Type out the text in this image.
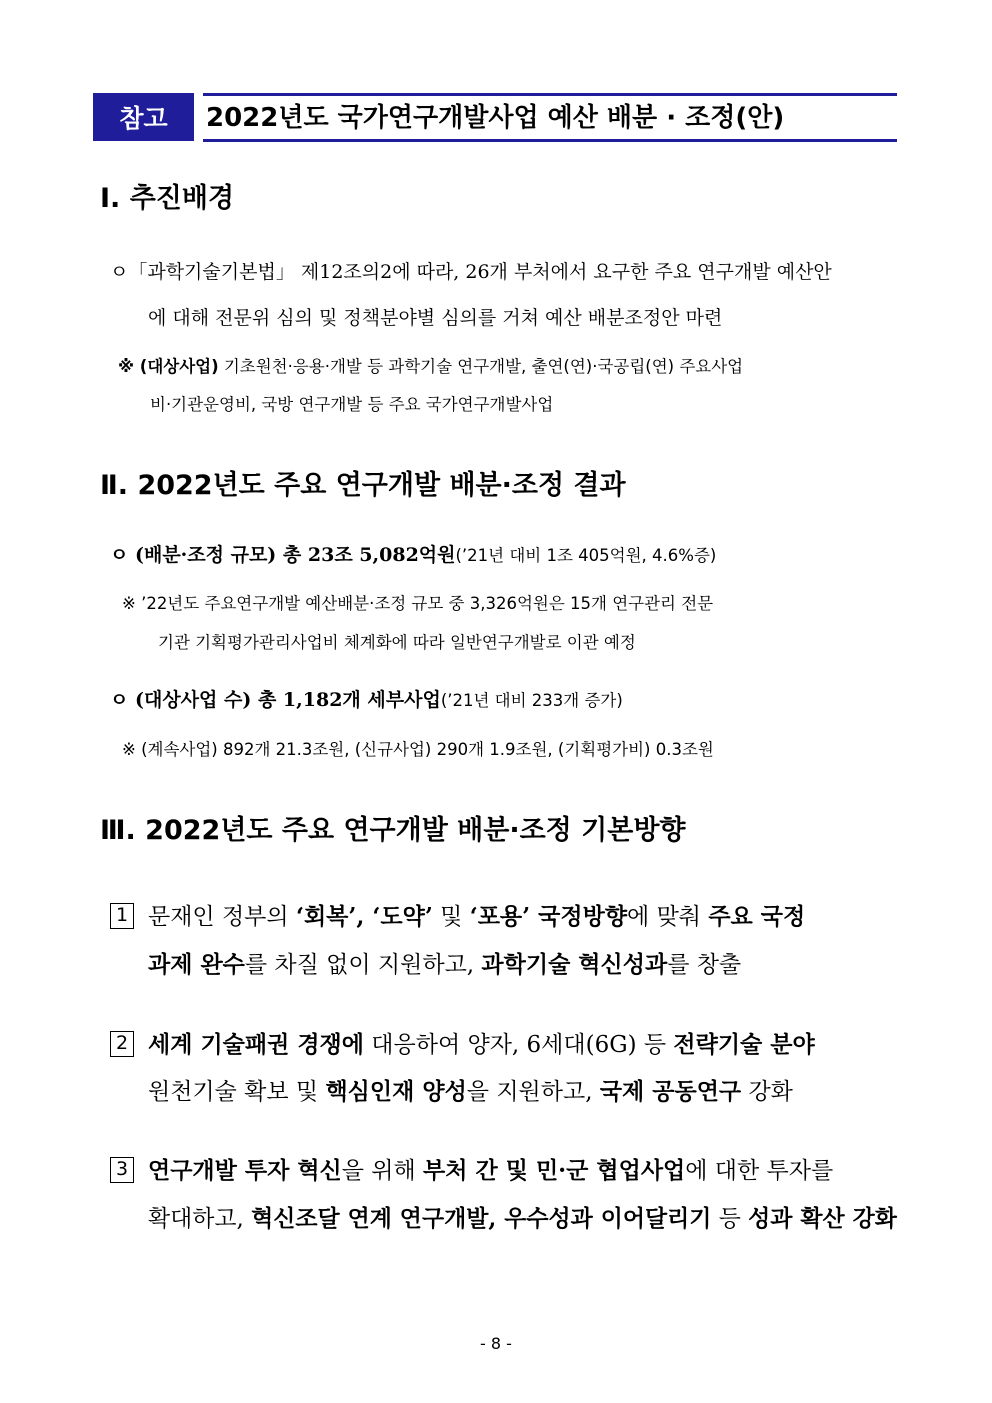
참고	2022년도 국가연구개발사업 예산 배분 · 조정(안)
Ⅰ. 추진배경
ㅇ「과학기술기본법」 제12조의2에 따라, 26개 부처에서 요구한 주요 연구개발 예산안
에 대해 전문위 심의 및 정책분야별 심의를 거쳐 예산 배분조정안 마련
※ (대상사업) 기초원천·응용·개발 등 과학기술 연구개발, 출연(연)·국공립(연) 주요사업
비·기관운영비, 국방 연구개발 등 주요 국가연구개발사업
Ⅱ. 2022년도 주요 연구개발 배분·조정 결과
ㅇ (배분·조정 규모) 총 23조 5,082억원(’21년 대비 1조 405억원, 4.6%증)
※ ’22년도 주요연구개발 예산배분·조정 규모 중 3,326억원은 15개 연구관리 전문
기관 기획평가관리사업비 체계화에 따라 일반연구개발로 이관 예정
ㅇ (대상사업 수) 총 1,182개 세부사업(’21년 대비 233개 증가)
※ (계속사업) 892개 21.3조원, (신규사업) 290개 1.9조원, (기획평가비) 0.3조원
Ⅲ. 2022년도 주요 연구개발 배분·조정 기본방향
1 문재인 정부의 ‘회복’, ‘도약’ 및 ‘포용’ 국정방향에 맞춰 주요 국정
과제 완수를 차질 없이 지원하고, 과학기술 혁신성과를 창출
2 세계 기술패권 경쟁에 대응하여 양자, 6세대(6G) 등 전략기술 분야
원천기술 확보 및 핵심인재 양성을 지원하고, 국제 공동연구 강화
3 연구개발 투자 혁신을 위해 부처 간 및 민·군 협업사업에 대한 투자를
확대하고, 혁신조달 연계 연구개발, 우수성과 이어달리기 등 성과 확산 강화
- 8 -
